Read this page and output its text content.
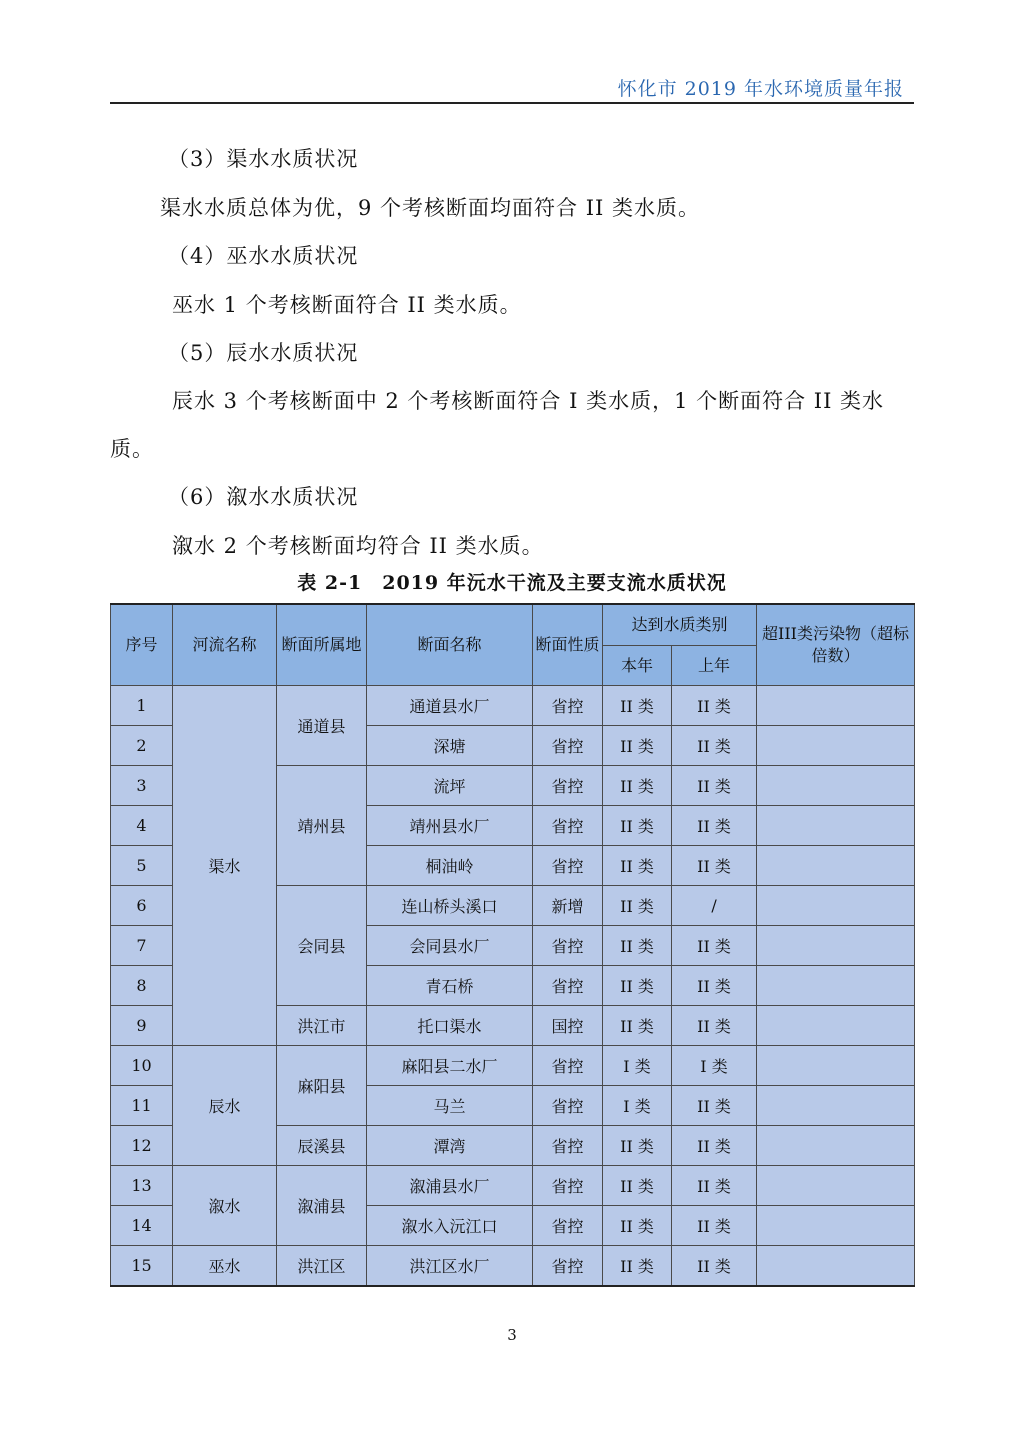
怀化市 2019 年水环境质量年报
（3）渠水水质状况
渠水水质总体为优，9 个考核断面均面符合 II 类水质。
（4）巫水水质状况
巫水 1 个考核断面符合 II 类水质。
（5）辰水水质状况
辰水 3 个考核断面中 2 个考核断面符合 I 类水质，1 个断面符合 II 类水
质。
（6）溆水水质状况
溆水 2 个考核断面均符合 II 类水质。
表 2-1　2019 年沅水干流及主要支流水质状况
序号	河流名称	断面所属地	断面名称	断面性质	达到水质类别		超III类污染物（超标倍数）
					本年	上年	
1	渠水	通道县	通道县水厂	省控	II 类	II 类	
2			深塘	省控	II 类	II 类	
3		靖州县	流坪	省控	II 类	II 类	
4			靖州县水厂	省控	II 类	II 类	
5			桐油岭	省控	II 类	II 类	
6		会同县	连山桥头溪口	新增	II 类	/	
7			会同县水厂	省控	II 类	II 类	
8			青石桥	省控	II 类	II 类	
9		洪江市	托口渠水	国控	II 类	II 类	
10	辰水	麻阳县	麻阳县二水厂	省控	I 类	I 类	
11			马兰	省控	I 类	II 类	
12		辰溪县	潭湾	省控	II 类	II 类	
13	溆水	溆浦县	溆浦县水厂	省控	II 类	II 类	
14			溆水入沅江口	省控	II 类	II 类	
15	巫水	洪江区	洪江区水厂	省控	II 类	II 类	
3
